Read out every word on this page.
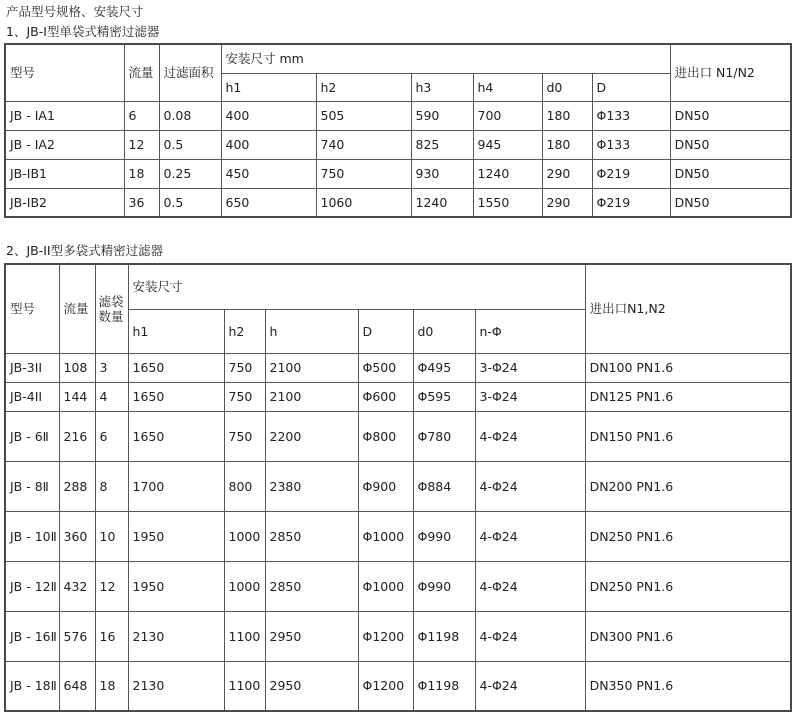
产品型号规格、安装尺寸
1、JB-I型单袋式精密过滤器
型号	流量	过滤面积	安装尺寸 mm						进出口 N1/N2
			h1	h2	h3	h4	d0	D	
JB - IA1	6	0.08	400	505	590	700	180	Φ133	DN50
JB - IA2	12	0.5	400	740	825	945	180	Φ133	DN50
JB-IB1	18	0.25	450	750	930	1240	290	Φ219	DN50
JB-IB2	36	0.5	650	1060	1240	1550	290	Φ219	DN50
2、JB-II型多袋式精密过滤器
型号	流量	滤袋数量	安装尺寸						进出口N1,N2
			h1	h2	h	D	d0	n-Φ	
JB-3II	108	3	1650	750	2100	Φ500	Φ495	3-Φ24	DN100 PN1.6
JB-4II	144	4	1650	750	2100	Φ600	Φ595	3-Φ24	DN125 PN1.6
JB - 6Ⅱ	216	6	1650	750	2200	Φ800	Φ780	4-Φ24	DN150 PN1.6
JB - 8Ⅱ	288	8	1700	800	2380	Φ900	Φ884	4-Φ24	DN200 PN1.6
JB - 10Ⅱ	360	10	1950	1000	2850	Φ1000	Φ990	4-Φ24	DN250 PN1.6
JB - 12Ⅱ	432	12	1950	1000	2850	Φ1000	Φ990	4-Φ24	DN250 PN1.6
JB - 16Ⅱ	576	16	2130	1100	2950	Φ1200	Φ1198	4-Φ24	DN300 PN1.6
JB - 18Ⅱ	648	18	2130	1100	2950	Φ1200	Φ1198	4-Φ24	DN350 PN1.6
